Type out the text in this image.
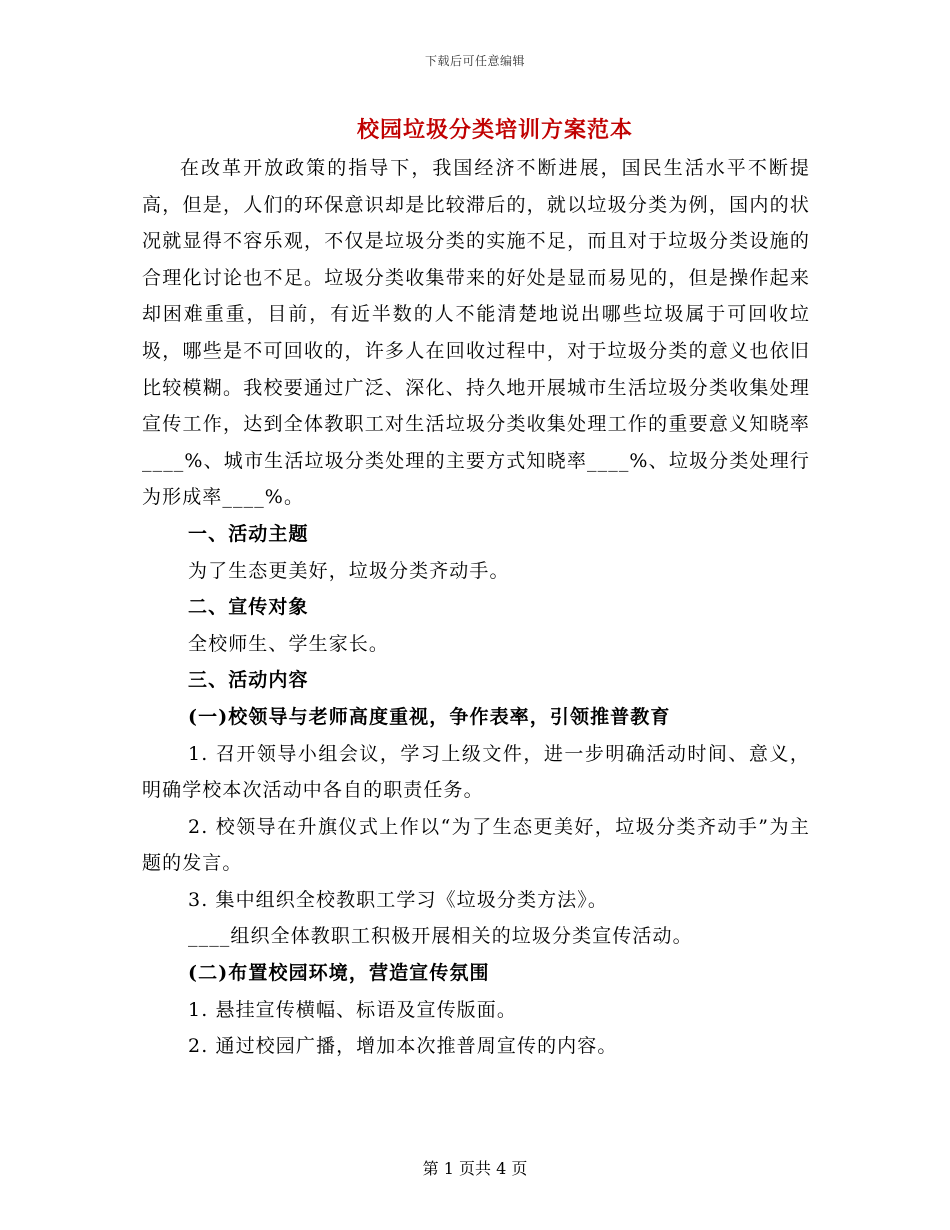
下载后可任意编辑
校园垃圾分类培训方案范本

在改革开放政策的指导下，我国经济不断进展，国民生活水平不断提高，但是，人们的环保意识却是比较滞后的，就以垃圾分类为例，国内的状况就显得不容乐观，不仅是垃圾分类的实施不足，而且对于垃圾分类设施的合理化讨论也不足。垃圾分类收集带来的好处是显而易见的，但是操作起来却困难重重，目前，有近半数的人不能清楚地说出哪些垃圾属于可回收垃圾，哪些是不可回收的，许多人在回收过程中，对于垃圾分类的意义也依旧比较模糊。我校要通过广泛、深化、持久地开展城市生活垃圾分类收集处理宣传工作，达到全体教职工对生活垃圾分类收集处理工作的重要意义知晓率____%、城市生活垃圾分类处理的主要方式知晓率____%、垃圾分类处理行为形成率____%。

一、活动主题

为了生态更美好，垃圾分类齐动手。

二、宣传对象

全校师生、学生家长。

三、活动内容

(一)校领导与老师高度重视，争作表率，引领推普教育

1. 召开领导小组会议，学习上级文件，进一步明确活动时间、意义，明确学校本次活动中各自的职责任务。

2. 校领导在升旗仪式上作以“为了生态更美好，垃圾分类齐动手”为主题的发言。

3. 集中组织全校教职工学习《垃圾分类方法》。

____组织全体教职工积极开展相关的垃圾分类宣传活动。

(二)布置校园环境，营造宣传氛围

1. 悬挂宣传横幅、标语及宣传版面。

2. 通过校园广播，增加本次推普周宣传的内容。

第 1 页共 4 页
